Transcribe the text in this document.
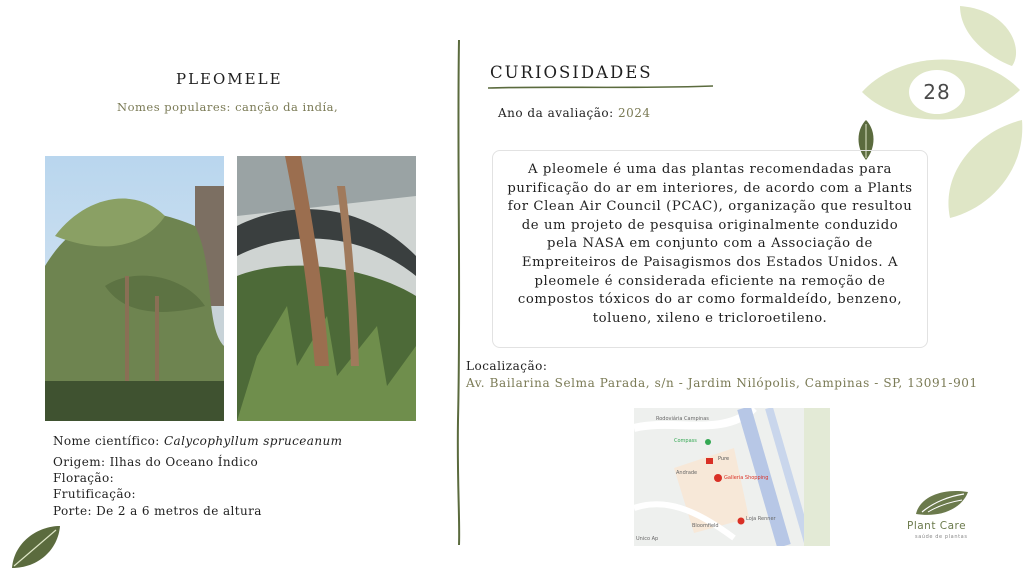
28
PLEOMELE
Nomes populares: canção da indía,
Nome científico: Calycophyllum spruceanum
Origem: Ilhas do Oceano Índico
Floração:
Frutificação:
Porte: De 2 a 6 metros de altura
CURIOSIDADES
Ano da avaliação: 2024
A pleomele é uma das plantas recomendadas para purificação do ar em interiores, de acordo com a Plants for Clean Air Council (PCAC), organização que resultou de um projeto de pesquisa originalmente conduzido pela NASA em conjunto com a Associação de Empreiteiros de Paisagismos dos Estados Unidos. A pleomele é considerada eficiente na remoção de compostos tóxicos do ar como formaldeído, benzeno, tolueno, xileno e tricloroetileno.
Localização:
Av. Bailarina Selma Parada, s/n - Jardim Nilópolis, Campinas - SP, 13091-901
Rodoviária Campinas
Compass
Pure
Galleria Shopping
Andrade
Loja Renner
Bloomfield
Unico Ap
Plant Care
saúde de plantas
